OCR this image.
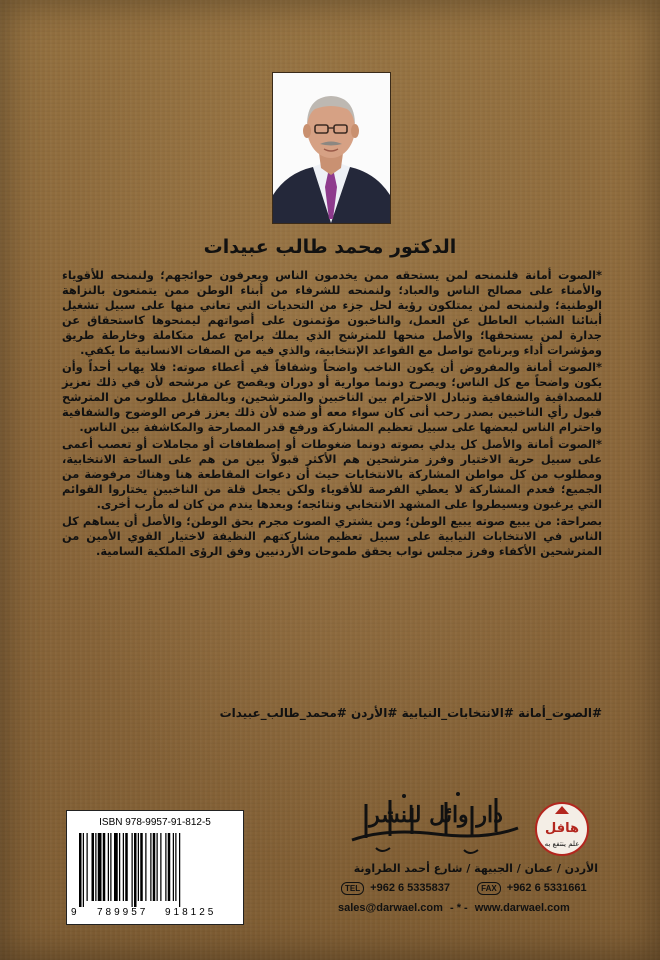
الدكتور محمد طالب عبيدات

*الصوت أمانة فلنمنحه لمن يستحقه ممن يخدمون الناس ويعرفون حوائجهم؛ ولنمنحه للأقوياء والأمناء على مصالح الناس والعباد؛ ولنمنحه للشرفاء من أبناء الوطن ممن يتمتعون بالنزاهة الوطنية؛ ولنمنحه لمن يمتلكون رؤية لحل جزء من التحديات التي تعاني منها على سبيل تشغيل أبنائنا الشباب العاطل عن العمل، والناخبون مؤتمنون على أصواتهم ليمنحوها كاستحقاق عن جدارة لمن يستحقها؛ والأصل منحها للمترشح الذي يملك برامج عمل متكاملة وخارطة طريق ومؤشرات أداء وبرنامج تواصل مع القواعد الإنتخابية، والذي فيه من الصفات الانسانية ما يكفي.

*الصوت أمانة والمفروض أن يكون الناخب واضحاً وشفافاً في أعطاء صوته: فلا يهاب أحداً وأن يكون واضحاً مع كل الناس؛ ويصرح دونما موارية أو دوران ويفصح عن مرشحه لأن في ذلك تعزيز للمصداقية والشفافية وتبادل الاحترام بين الناخبين والمترشحين، وبالمقابل مطلوب من المترشح قبول رأي الناخبين بصدر رحب أنى كان سواء معه أو ضده لأن ذلك يعزز فرص الوضوح والشفافية واحترام الناس لبعضها على سبيل تعظيم المشاركة ورفع قدر المصارحة والمكاشفة بين الناس.

*الصوت أمانة والأصل كل يدلي بصوته دونما ضغوطات أو إصطفافات أو مجاملات أو تعصب أعمى على سبيل حرية الاختيار وفرز مترشحين هم الأكثر قبولاً بين من هم على الساحة الانتخابية، ومطلوب من كل مواطن المشاركة بالانتخابات حيث أن دعوات المقاطعة هنا وهناك مرفوضة من الجميع؛ فعدم المشاركة لا يعطي الفرصة للأقوياء ولكن يجعل قلة من الناخبين يختاروا القوائم التي يرغبون ويسيطروا على المشهد الانتخابي ونتائجه؛ وبعدها يندم من كان له مأرب أخرى.

بصراحة: من يبيع صوته يبيع الوطن؛ ومن يشتري الصوت مجرم بحق الوطن؛ والأصل أن يساهم كل الناس في الانتخابات النيابية على سبيل تعظيم مشاركتهم النظيفة لاختيار القوي الأمين من المترشحين الأكفاء وفرز مجلس نواب يحقق طموحات الأردنيين وفق الرؤى الملكية السامية.

#الصوت_أمانة #الانتخابات_النيابية #الأردن #محمد_طالب_عبيدات
ISBN 978-9957-91-812-5
9 789957 918125
دار وائل للنشر
هافل
علم ينتفع به
الأردن / عمان / الجبيهة / شارع أحمد الطراونة
TEL +962 6 5335837	FAX +962 6 5331661
sales@darwael.com - * - www.darwael.com
